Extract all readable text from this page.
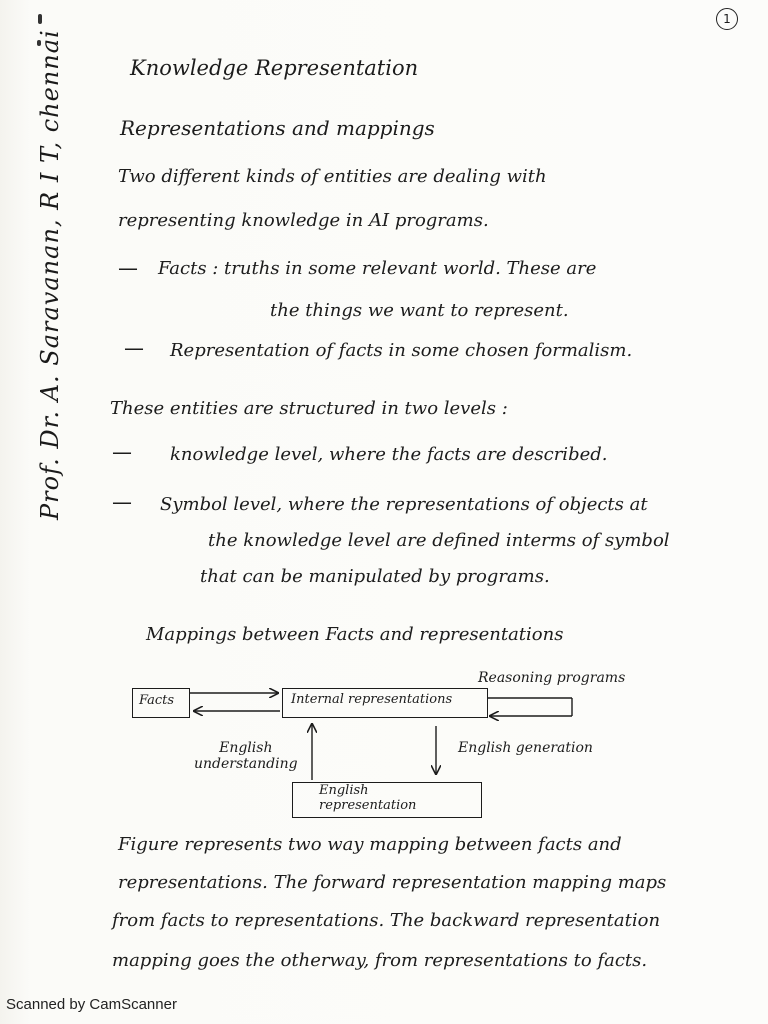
1
Prof. Dr. A. Saravanan, R I T, chennai	Knowledge Representation
Representations and mappings
Two different kinds of entities are dealing with
representing knowledge in AI programs.
— Facts : truths in some relevant world. These are
the things we want to represent.
— Representation of facts in some chosen formalism.
These entities are structured in two levels :
— knowledge level, where the facts are described.
— Symbol level, where the representations of objects at
the knowledge level are defined interms of symbol
that can be manipulated by programs.
Mappings between Facts and representations
Facts	Internal representations
English
representation
Reasoning programs
English
understanding
English generation
Figure represents two way mapping between facts and
representations. The forward representation mapping maps
from facts to representations. The backward representation
mapping goes the otherway, from representations to facts.
Scanned by CamScanner
